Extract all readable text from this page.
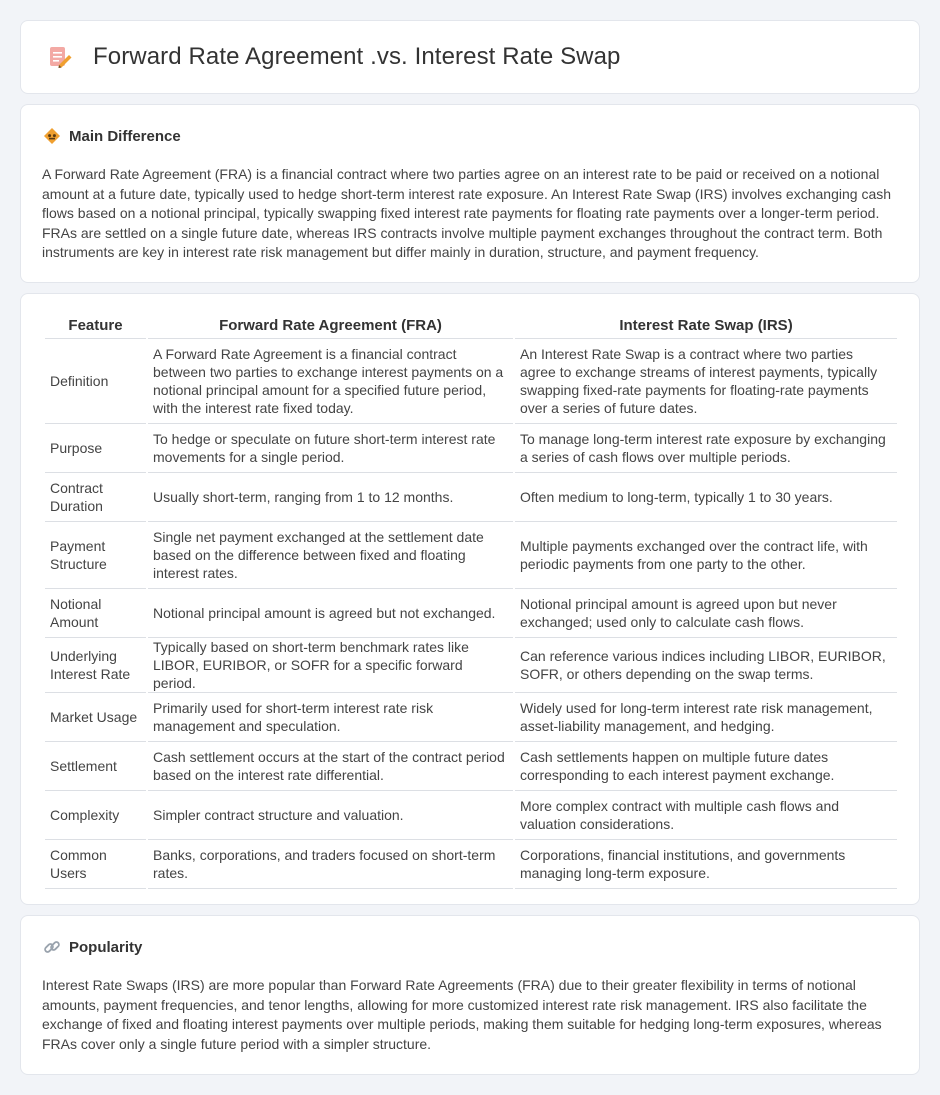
Forward Rate Agreement .vs. Interest Rate Swap
Main Difference

A Forward Rate Agreement (FRA) is a financial contract where two parties agree on an interest rate to be paid or received on a notional amount at a future date, typically used to hedge short-term interest rate exposure. An Interest Rate Swap (IRS) involves exchanging cash flows based on a notional principal, typically swapping fixed interest rate payments for floating rate payments over a longer-term period. FRAs are settled on a single future date, whereas IRS contracts involve multiple payment exchanges throughout the contract term. Both instruments are key in interest rate risk management but differ mainly in duration, structure, and payment frequency.

Feature	Forward Rate Agreement (FRA)	Interest Rate Swap (IRS)
Definition	A Forward Rate Agreement is a financial contract between two parties to exchange interest payments on a notional principal amount for a specified future period, with the interest rate fixed today.	An Interest Rate Swap is a contract where two parties agree to exchange streams of interest payments, typically swapping fixed-rate payments for floating-rate payments over a series of future dates.
Purpose	To hedge or speculate on future short-term interest rate movements for a single period.	To manage long-term interest rate exposure by exchanging a series of cash flows over multiple periods.
Contract Duration	Usually short-term, ranging from 1 to 12 months.	Often medium to long-term, typically 1 to 30 years.
Payment Structure	Single net payment exchanged at the settlement date based on the difference between fixed and floating interest rates.	Multiple payments exchanged over the contract life, with periodic payments from one party to the other.
Notional Amount	Notional principal amount is agreed but not exchanged.	Notional principal amount is agreed upon but never exchanged; used only to calculate cash flows.
Underlying Interest Rate	Typically based on short-term benchmark rates like LIBOR, EURIBOR, or SOFR for a specific forward period.	Can reference various indices including LIBOR, EURIBOR, SOFR, or others depending on the swap terms.
Market Usage	Primarily used for short-term interest rate risk management and speculation.	Widely used for long-term interest rate risk management, asset-liability management, and hedging.
Settlement	Cash settlement occurs at the start of the contract period based on the interest rate differential.	Cash settlements happen on multiple future dates corresponding to each interest payment exchange.
Complexity	Simpler contract structure and valuation.	More complex contract with multiple cash flows and valuation considerations.
Common Users	Banks, corporations, and traders focused on short-term rates.	Corporations, financial institutions, and governments managing long-term exposure.
Popularity

Interest Rate Swaps (IRS) are more popular than Forward Rate Agreements (FRA) due to their greater flexibility in terms of notional amounts, payment frequencies, and tenor lengths, allowing for more customized interest rate risk management. IRS also facilitate the exchange of fixed and floating interest payments over multiple periods, making them suitable for hedging long-term exposures, whereas FRAs cover only a single future period with a simpler structure.
